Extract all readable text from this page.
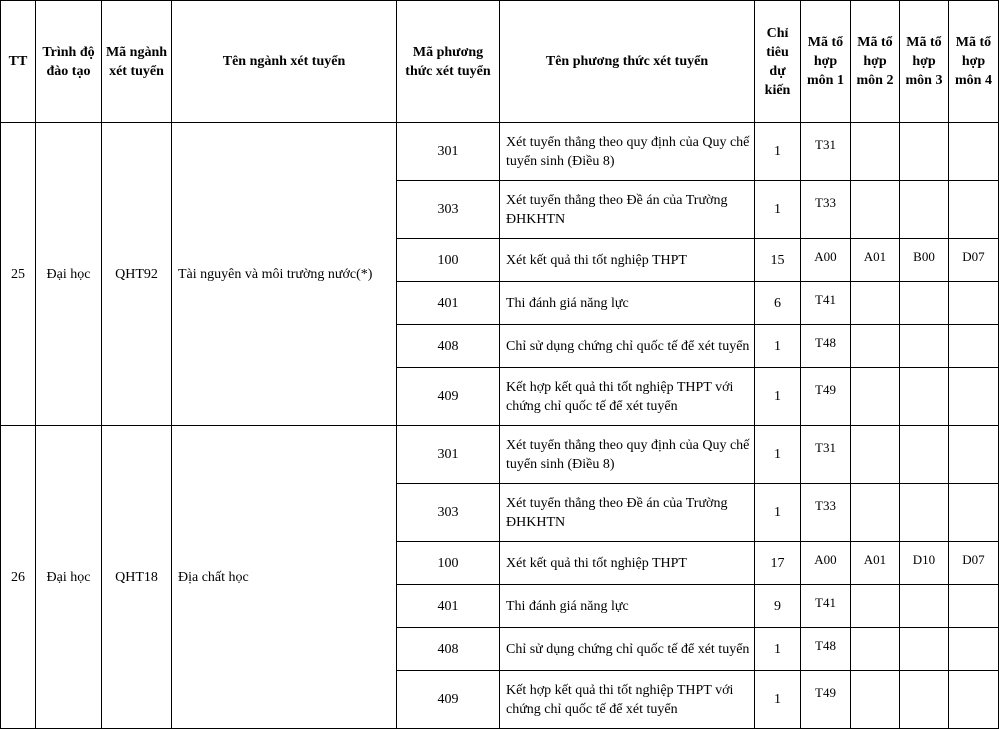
TT	Trình độ đào tạo	Mã ngành xét tuyển	Tên ngành xét tuyển	Mã phương thức xét tuyển	Tên phương thức xét tuyển	Chỉ tiêu dự kiến	Mã tổ hợp môn 1	Mã tổ hợp môn 2	Mã tổ hợp môn 3	Mã tổ hợp môn 4
25	Đại học	QHT92	Tài nguyên và môi trường nước(*)	301	Xét tuyển thẳng theo quy định của Quy chế tuyển sinh (Điều 8)	1	T31			
				303	Xét tuyển thẳng theo Đề án của Trường ĐHKHTN	1	T33			
				100	Xét kết quả thi tốt nghiệp THPT	15	A00	A01	B00	D07
				401	Thi đánh giá năng lực	6	T41			
				408	Chỉ sử dụng chứng chỉ quốc tế để xét tuyển	1	T48			
				409	Kết hợp kết quả thi tốt nghiệp THPT với chứng chỉ quốc tế để xét tuyển	1	T49			
26	Đại học	QHT18	Địa chất học	301	Xét tuyển thẳng theo quy định của Quy chế tuyển sinh (Điều 8)	1	T31			
				303	Xét tuyển thẳng theo Đề án của Trường ĐHKHTN	1	T33			
				100	Xét kết quả thi tốt nghiệp THPT	17	A00	A01	D10	D07
				401	Thi đánh giá năng lực	9	T41			
				408	Chỉ sử dụng chứng chỉ quốc tế để xét tuyển	1	T48			
				409	Kết hợp kết quả thi tốt nghiệp THPT với chứng chỉ quốc tế để xét tuyển	1	T49			
